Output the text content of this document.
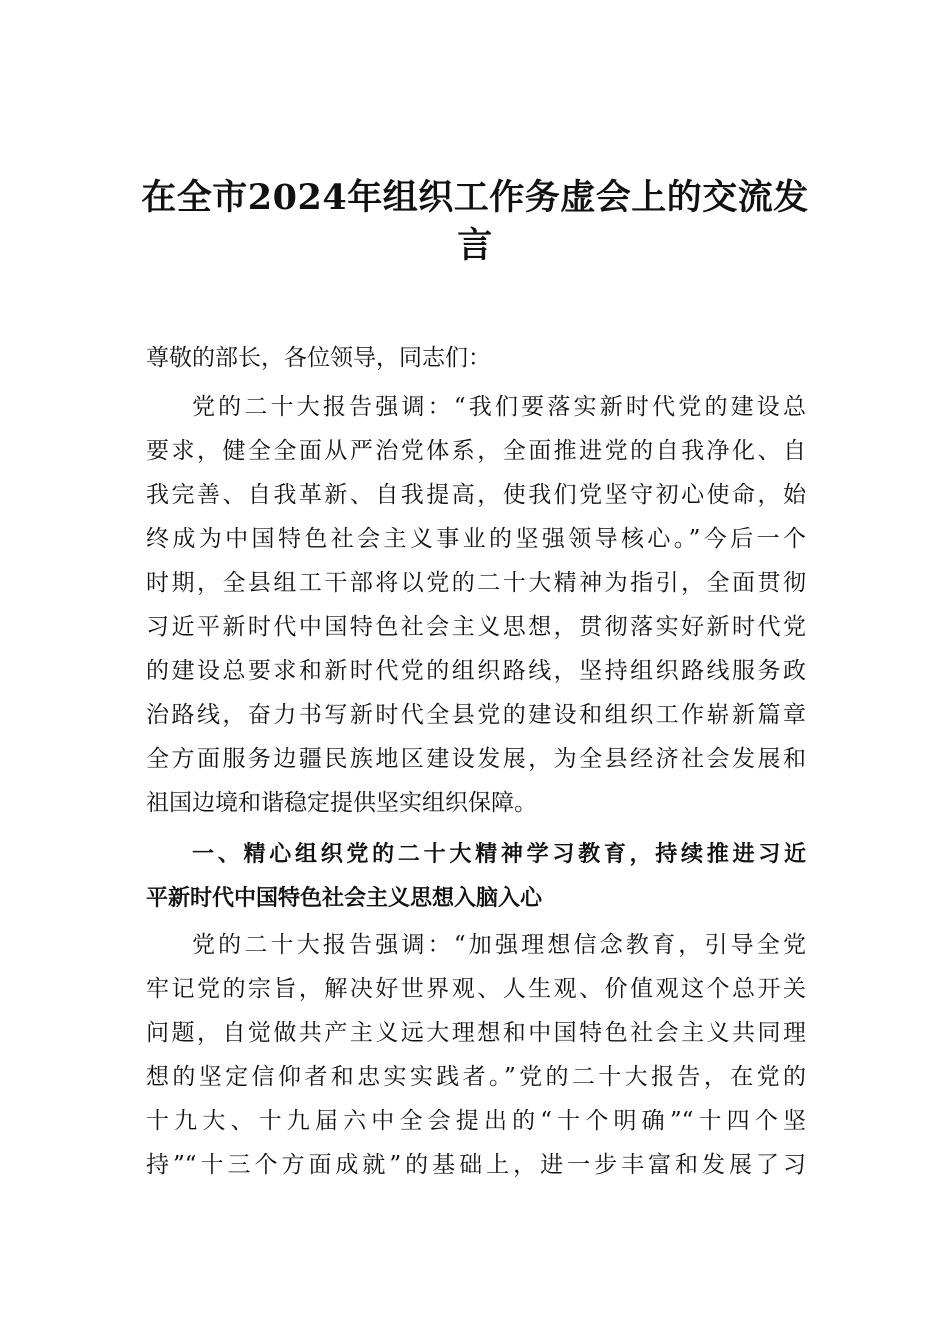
在全市2024年组织工作务虚会上的交流发
言
尊敬的部长，各位领导，同志们：
党的二十大报告强调：“我们要落实新时代党的建设总
要求，健全全面从严治党体系，全面推进党的自我净化、自
我完善、自我革新、自我提高，使我们党坚守初心使命，始
终成为中国特色社会主义事业的坚强领导核心。”今后一个
时期，全县组工干部将以党的二十大精神为指引，全面贯彻
习近平新时代中国特色社会主义思想，贯彻落实好新时代党
的建设总要求和新时代党的组织路线，坚持组织路线服务政
治路线，奋力书写新时代全县党的建设和组织工作崭新篇章
全方面服务边疆民族地区建设发展，为全县经济社会发展和
祖国边境和谐稳定提供坚实组织保障。
一、精心组织党的二十大精神学习教育，持续推进习近
平新时代中国特色社会主义思想入脑入心
党的二十大报告强调：“加强理想信念教育，引导全党
牢记党的宗旨，解决好世界观、人生观、价值观这个总开关
问题，自觉做共产主义远大理想和中国特色社会主义共同理
想的坚定信仰者和忠实实践者。”党的二十大报告，在党的
十九大、十九届六中全会提出的“十个明确”“十四个坚
持”“十三个方面成就”的基础上，进一步丰富和发展了习
